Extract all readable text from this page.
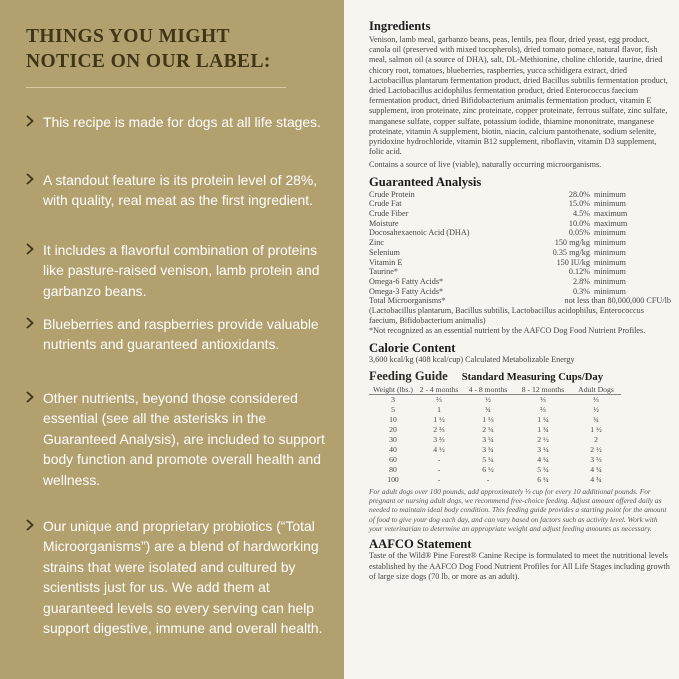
THINGS YOU MIGHT
NOTICE ON OUR LABEL:
This recipe is made for dogs at all life stages.
A standout feature is its protein level of 28%, with quality, real meat as the first ingredient.
It includes a flavorful combination of proteins like pasture-raised venison, lamb protein and garbanzo beans.
Blueberries and raspberries provide valuable nutrients and guaranteed antioxidants.
Other nutrients, beyond those considered essential (see all the asterisks in the Guaranteed Analysis), are included to support body function and promote overall health and wellness.
Our unique and proprietary probiotics (“Total Microorganisms”) are a blend of hardworking strains that were isolated and cultured by scientists just for us. We add them at guaranteed levels so every serving can help support digestive, immune and overall health.
Ingredients
Venison, lamb meal, garbanzo beans, peas, lentils, pea flour, dried yeast, egg product, canola oil (preserved with mixed tocopherols), dried tomato pomace, natural flavor, fish meal, salmon oil (a source of DHA), salt, DL-Methionine, choline chloride, taurine, dried chicory root, tomatoes, blueberries, raspberries, yucca schidigera extract, dried Lactobacillus plantarum fermentation product, dried Bacillus subtilis fermentation product, dried Lactobacillus acidophilus fermentation product, dried Enterococcus faecium fermentation product, dried Bifidobacterium animalis fermentation product, vitamin E supplement, iron proteinate, zinc proteinate, copper proteinate, ferrous sulfate, zinc sulfate, manganese sulfate, copper sulfate, potassium iodide, thiamine mononitrate, manganese proteinate, vitamin A supplement, biotin, niacin, calcium pantothenate, sodium selenite, pyridoxine hydrochloride, vitamin B12 supplement, riboflavin, vitamin D3 supplement, folic acid.
Contains a source of live (viable), naturally occurring microorganisms.
Guaranteed Analysis
Crude Protein	28.0% minimum
Crude Fat	15.0% minimum
Crude Fiber	4.5% maximum
Moisture	10.0% maximum
Docosahexaenoic Acid (DHA)	0.05% minimum
Zinc	150 mg/kg minimum
Selenium	0.35 mg/kg minimum
Vitamin E	150 IU/kg minimum
Taurine*	0.12% minimum
Omega-6 Fatty Acids*	2.8% minimum
Omega-3 Fatty Acids*	0.3% minimum
Total Microorganisms*	not less than 80,000,000 CFU/lb
(Lactobacillus plantarum, Bacillus subtilis, Lactobacillus acidophilus, Enterococcus faecium, Bifidobacterium animalis)
*Not recognized as an essential nutrient by the AAFCO Dog Food Nutrient Profiles.
Calorie Content
3,600 kcal/kg (408 kcal/cup) Calculated Metabolizable Energy
Feeding Guide Standard Measuring Cups/Day
Weight (lbs.)	2 - 4 months	4 - 8 months	8 - 12 months	Adult Dogs
3	⅔	½	⅓	⅓
5	1	¾	⅔	½
10	1 ½	1 ⅓	1 ¼	¾
20	2 ⅔	2 ¼	1 ¾	1 ½
30	3 ⅔	3 ¼	2 ½	2
40	4 ½	3 ¾	3 ¼	2 ½
60	-	5 ¼	4 ¼	3 ⅓
80	-	6 ½	5 ¼	4 ¼
100	-	-	6 ¼	4 ¾
For adult dogs over 100 pounds, add approximately ⅓ cup for every 10 additional pounds. For pregnant or nursing adult dogs, we recommend free-choice feeding. Adjust amount offered daily as needed to maintain ideal body condition. This feeding guide provides a starting point for the amount of food to give your dog each day, and can vary based on factors such as activity level. Work with your veterinarian to determine an appropriate weight and adjust feeding amounts as necessary.
AAFCO Statement
Taste of the Wild® Pine Forest® Canine Recipe is formulated to meet the nutritional levels established by the AAFCO Dog Food Nutrient Profiles for All Life Stages including growth of large size dogs (70 lb. or more as an adult).
